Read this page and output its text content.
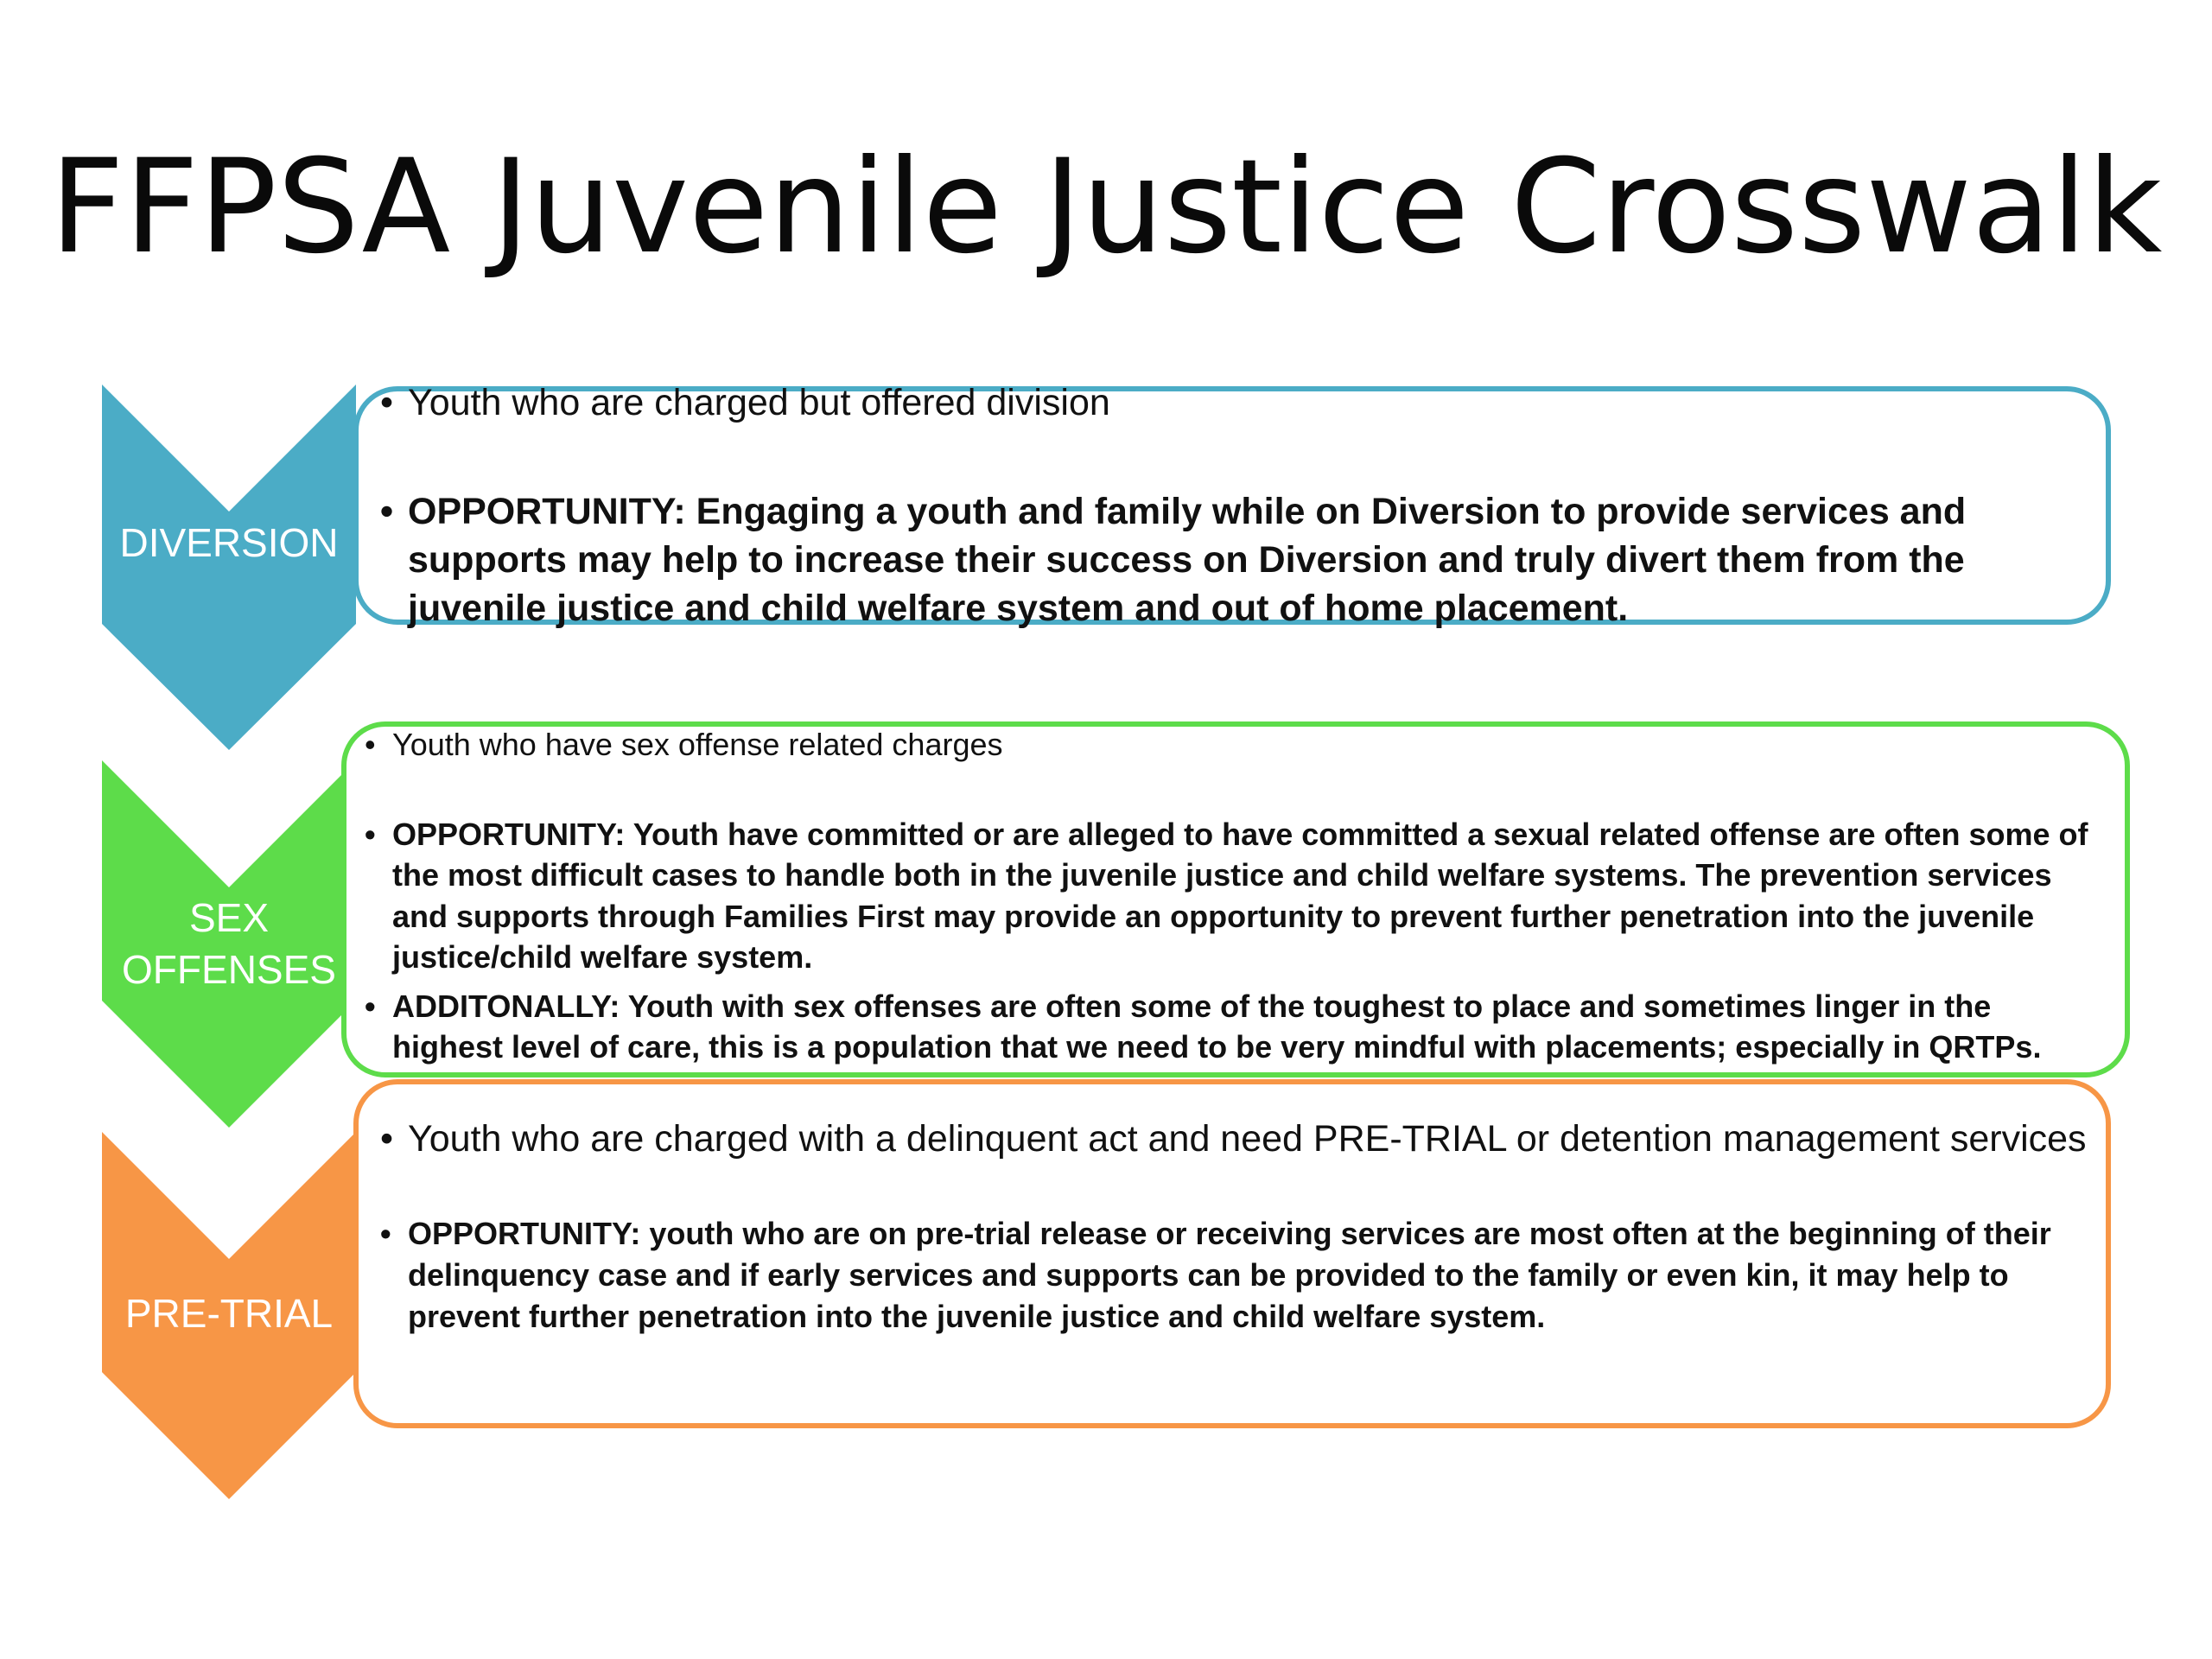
FFPSA Juvenile Justice Crosswalk
DIVERSION
SEX
OFFENSES
PRE-TRIAL
• Youth who are charged but offered division
• OPPORTUNITY: Engaging a youth and family while on Diversion to provide services and supports may help to increase their success on Diversion and truly divert them from the juvenile justice and child welfare system and out of home placement.
• Youth who have sex offense related charges
• OPPORTUNITY: Youth have committed or are alleged to have committed a sexual related offense are often some of the most difficult cases to handle both in the juvenile justice and child welfare systems. The prevention services and supports through Families First may provide an opportunity to prevent further penetration into the juvenile justice/child welfare system.
• ADDITONALLY: Youth with sex offenses are often some of the toughest to place and sometimes linger in the highest level of care, this is a population that we need to be very mindful with placements; especially in QRTPs.
• Youth who are charged with a delinquent act and need PRE-TRIAL or detention management services
• OPPORTUNITY: youth who are on pre-trial release or receiving services are most often at the beginning of their delinquency case and if early services and supports can be provided to the family or even kin, it may help to prevent further penetration into the juvenile justice and child welfare system.
